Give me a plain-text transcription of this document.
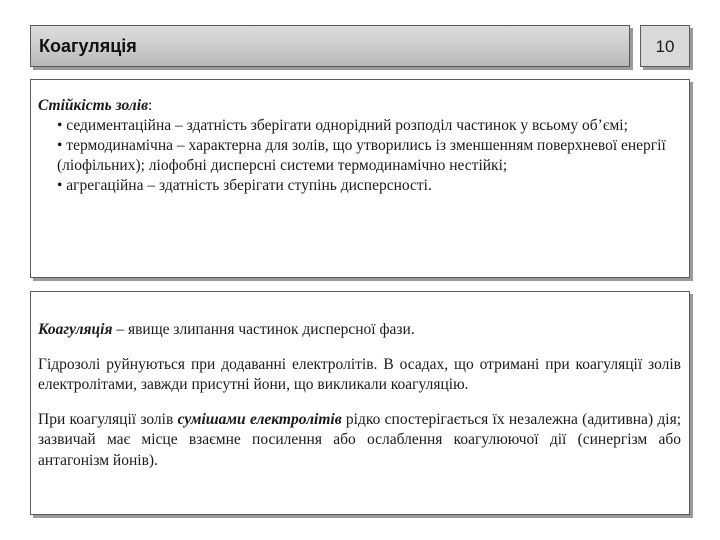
Коагуляція	10
Стійкість золів:
• седиментаційна – здатність зберігати однорідний розподіл частинок у всьому об’ємі;
• термодинамічна – характерна для золів, що утворились із зменшенням поверхневої енергії (ліофільних); ліофобні дисперсні системи термодинамічно нестійкі;
• агрегаційна – здатність зберігати ступінь дисперсності.

Коагуляція – явище злипання частинок дисперсної фази.

Гідрозолі руйнуються при додаванні електролітів. В осадах, що отримані при коагуляції золів електролітами, завжди присутні йони, що викликали коагуляцію.

При коагуляції золів сумішами електролітів рідко спостерігається їх незалежна (адитивна) дія; зазвичай має місце взаємне посилення або ослаблення коагулюючої дії (синергізм або антагонізм йонів).
